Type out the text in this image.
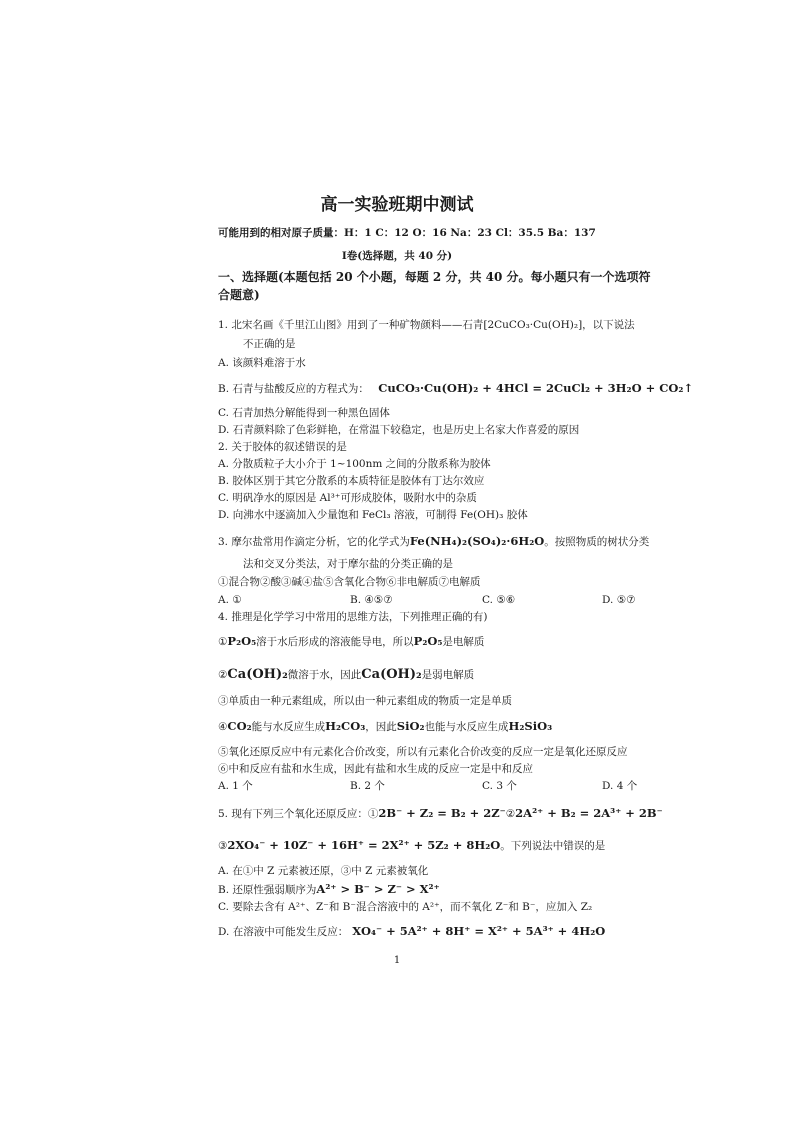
高一实验班期中测试
可能用到的相对原子质量：H：1 C：12 O：16 Na：23 Cl：35.5 Ba：137
Ⅰ卷(选择题，共 40 分)
一、选择题(本题包括 20 个小题，每题 2 分，共 40 分。每小题只有一个选项符
合题意)
1. 北宋名画《千里江山图》用到了一种矿物颜料——石青[2CuCO₃·Cu(OH)₂]，以下说法
不正确的是
A. 该颜料难溶于水
B. 石青与盐酸反应的方程式为： CuCO₃·Cu(OH)₂ + 4HCl = 2CuCl₂ + 3H₂O + CO₂↑
C. 石青加热分解能得到一种黑色固体
D. 石青颜料除了色彩鲜艳，在常温下较稳定，也是历史上名家大作喜爱的原因
2. 关于胶体的叙述错误的是
A. 分散质粒子大小介于 1~100nm 之间的分散系称为胶体
B. 胶体区别于其它分散系的本质特征是胶体有丁达尔效应
C. 明矾净水的原因是 Al³⁺可形成胶体，吸附水中的杂质
D. 向沸水中逐滴加入少量饱和 FeCl₃ 溶液，可制得 Fe(OH)₃ 胶体
3. 摩尔盐常用作滴定分析，它的化学式为Fe(NH₄)₂(SO₄)₂·6H₂O。按照物质的树状分类
法和交叉分类法，对于摩尔盐的分类正确的是
①混合物②酸③碱④盐⑤含氧化合物⑥非电解质⑦电解质
A. ①	B. ④⑤⑦	C. ⑤⑥	D. ⑤⑦
4. 推理是化学学习中常用的思维方法，下列推理正确的有)
①P₂O₅溶于水后形成的溶液能导电，所以P₂O₅是电解质
②Ca(OH)₂微溶于水，因此Ca(OH)₂是弱电解质
③单质由一种元素组成，所以由一种元素组成的物质一定是单质
④CO₂能与水反应生成H₂CO₃，因此SiO₂也能与水反应生成H₂SiO₃
⑤氧化还原反应中有元素化合价改变，所以有元素化合价改变的反应一定是氧化还原反应
⑥中和反应有盐和水生成，因此有盐和水生成的反应一定是中和反应
A. 1 个	B. 2 个	C. 3 个	D. 4 个
5. 现有下列三个氧化还原反应：①2B⁻ + Z₂ = B₂ + 2Z⁻②2A²⁺ + B₂ = 2A³⁺ + 2B⁻
③2XO₄⁻ + 10Z⁻ + 16H⁺ = 2X²⁺ + 5Z₂ + 8H₂O。下列说法中错误的是
A. 在①中 Z 元素被还原，③中 Z 元素被氧化
B. 还原性强弱顺序为A²⁺ > B⁻ > Z⁻ > X²⁺
C. 要除去含有 A²⁺、Z⁻和 B⁻混合溶液中的 A²⁺，而不氧化 Z⁻和 B⁻，应加入 Z₂
D. 在溶液中可能发生反应： XO₄⁻ + 5A²⁺ + 8H⁺ = X²⁺ + 5A³⁺ + 4H₂O
1
